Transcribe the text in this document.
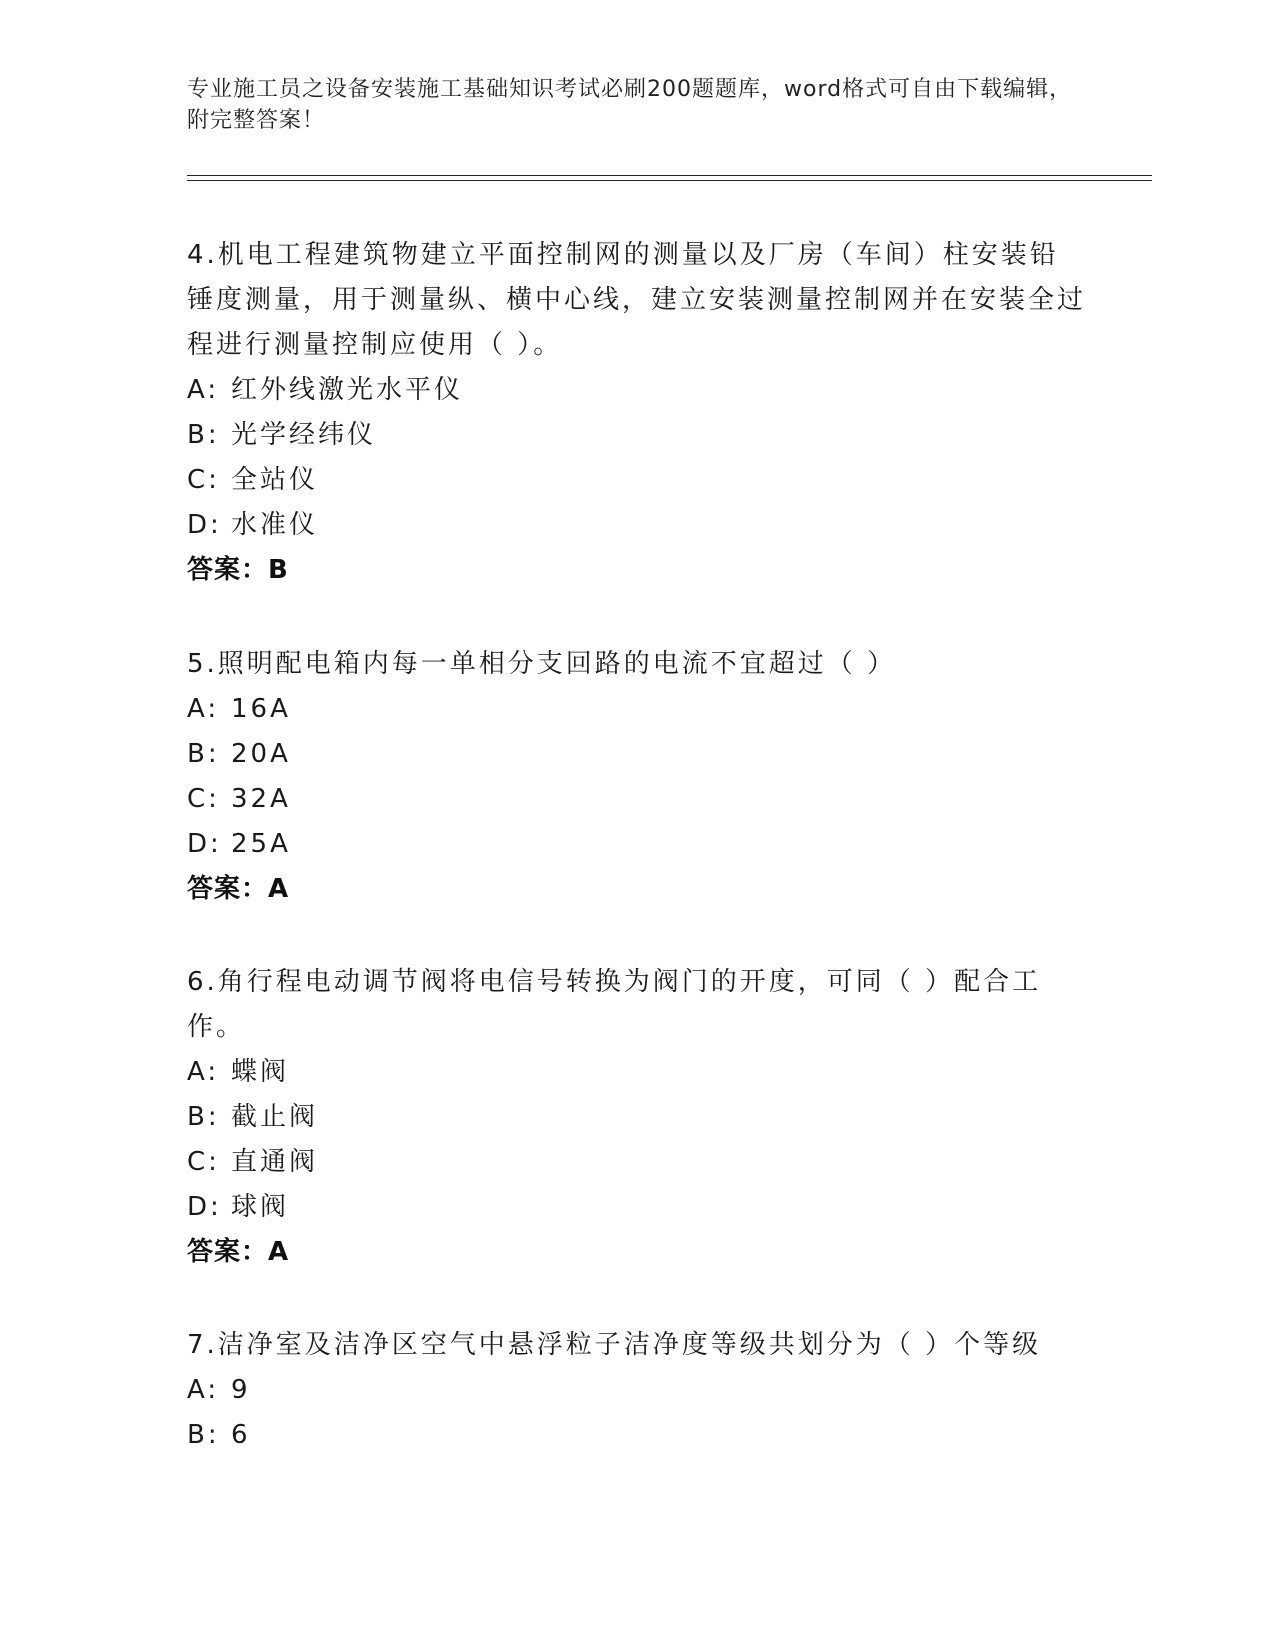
专业施工员之设备安装施工基础知识考试必刷200题题库，word格式可自由下载编辑，附完整答案！
4.机电工程建筑物建立平面控制网的测量以及厂房（车间）柱安装铅锤度测量，用于测量纵、横中心线，建立安装测量控制网并在安装全过程进行测量控制应使用（ ）。
A: 红外线激光水平仪
B: 光学经纬仪
C: 全站仪
D: 水准仪
答案：B
5.照明配电箱内每一单相分支回路的电流不宜超过（ ）
A: 16A
B: 20A
C: 32A
D: 25A
答案：A
6.角行程电动调节阀将电信号转换为阀门的开度，可同（ ）配合工作。
A: 蝶阀
B: 截止阀
C: 直通阀
D: 球阀
答案：A
7.洁净室及洁净区空气中悬浮粒子洁净度等级共划分为（ ）个等级
A: 9
B: 6
